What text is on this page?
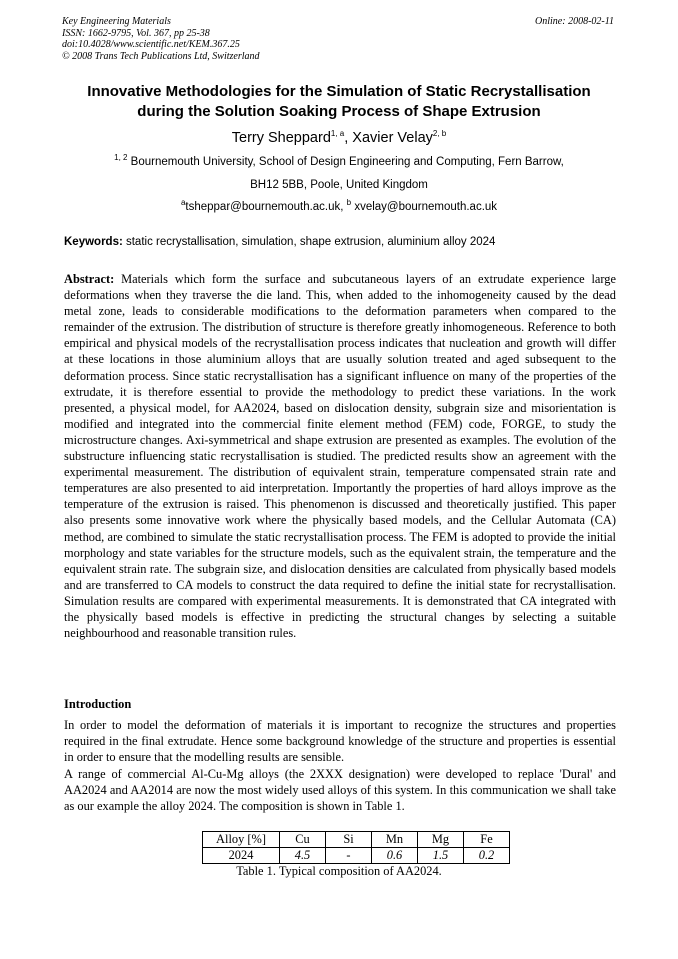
Key Engineering Materials
ISSN: 1662-9795, Vol. 367, pp 25-38
doi:10.4028/www.scientific.net/KEM.367.25
© 2008 Trans Tech Publications Ltd, Switzerland
Online: 2008-02-11
Innovative Methodologies for the Simulation of Static Recrystallisation
during the Solution Soaking Process of Shape Extrusion
Terry Sheppard$^{1, a}$, Xavier Velay$^{2, b}$
$^{1, 2}$ Bournemouth University, School of Design Engineering and Computing, Fern Barrow,
BH12 5BB, Poole, United Kingdom
$^a$tsheppar@bournemouth.ac.uk, $^b$ xvelay@bournemouth.ac.uk
Keywords: static recrystallisation, simulation, shape extrusion, aluminium alloy 2024
Abstract: Materials which form the surface and subcutaneous layers of an extrudate experience large deformations when they traverse the die land. This, when added to the inhomogeneity caused by the dead metal zone, leads to considerable modifications to the deformation parameters when compared to the remainder of the extrusion. The distribution of structure is therefore greatly inhomogeneous. Reference to both empirical and physical models of the recrystallisation process indicates that nucleation and growth will differ at these locations in those aluminium alloys that are usually solution treated and aged subsequent to the deformation process. Since static recrystallisation has a significant influence on many of the properties of the extrudate, it is therefore essential to provide the methodology to predict these variations. In the work presented, a physical model, for AA2024, based on dislocation density, subgrain size and misorientation is modified and integrated into the commercial finite element method (FEM) code, FORGE, to study the microstructure changes. Axi-symmetrical and shape extrusion are presented as examples. The evolution of the substructure influencing static recrystallisation is studied. The predicted results show an agreement with the experimental measurement. The distribution of equivalent strain, temperature compensated strain rate and temperatures are also presented to aid interpretation. Importantly the properties of hard alloys improve as the temperature of the extrusion is raised. This phenomenon is discussed and theoretically justified. This paper also presents some innovative work where the physically based models, and the Cellular Automata (CA) method, are combined to simulate the static recrystallisation process. The FEM is adopted to provide the initial morphology and state variables for the structure models, such as the equivalent strain, the temperature and the equivalent strain rate. The subgrain size, and dislocation densities are calculated from physically based models and are transferred to CA models to construct the data required to define the initial state for recrystallisation. Simulation results are compared with experimental measurements. It is demonstrated that CA integrated with the physically based models is effective in predicting the structural changes by selecting a suitable neighbourhood and reasonable transition rules.
Introduction
In order to model the deformation of materials it is important to recognize the structures and properties required in the final extrudate. Hence some background knowledge of the structure and properties is essential in order to ensure that the modelling results are sensible.
A range of commercial Al-Cu-Mg alloys (the 2XXX designation) were developed to replace 'Dural' and AA2024 and AA2014 are now the most widely used alloys of this system. In this communication we shall take as our example the alloy 2024. The composition is shown in Table 1.
Alloy [%]	Cu	Si	Mn	Mg	Fe
2024	4.5	-	0.6	1.5	0.2
Table 1. Typical composition of AA2024.
